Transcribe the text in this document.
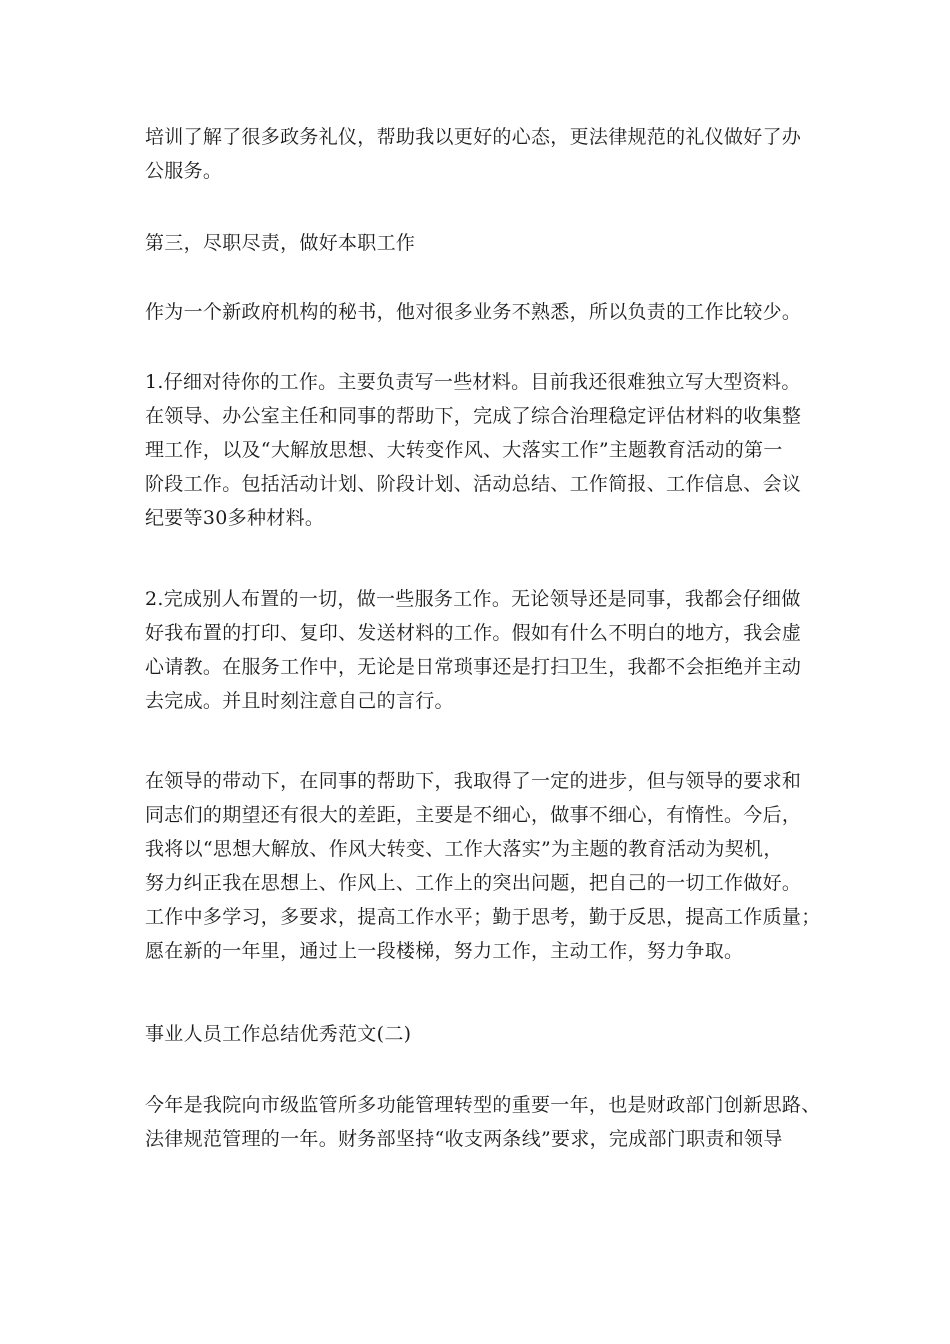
培训了解了很多政务礼仪，帮助我以更好的心态，更法律规范的礼仪做好了办
公服务。
第三，尽职尽责，做好本职工作
作为一个新政府机构的秘书，他对很多业务不熟悉，所以负责的工作比较少。
1.仔细对待你的工作。主要负责写一些材料。目前我还很难独立写大型资料。
在领导、办公室主任和同事的帮助下，完成了综合治理稳定评估材料的收集整
理工作，以及“大解放思想、大转变作风、大落实工作”主题教育活动的第一
阶段工作。包括活动计划、阶段计划、活动总结、工作简报、工作信息、会议
纪要等30多种材料。
2.完成别人布置的一切，做一些服务工作。无论领导还是同事，我都会仔细做
好我布置的打印、复印、发送材料的工作。假如有什么不明白的地方，我会虚
心请教。在服务工作中，无论是日常琐事还是打扫卫生，我都不会拒绝并主动
去完成。并且时刻注意自己的言行。
在领导的带动下，在同事的帮助下，我取得了一定的进步，但与领导的要求和
同志们的期望还有很大的差距，主要是不细心，做事不细心，有惰性。今后，
我将以“思想大解放、作风大转变、工作大落实”为主题的教育活动为契机，
努力纠正我在思想上、作风上、工作上的突出问题，把自己的一切工作做好。
工作中多学习，多要求，提高工作水平；勤于思考，勤于反思，提高工作质量；
愿在新的一年里，通过上一段楼梯，努力工作，主动工作，努力争取。
事业人员工作总结优秀范文(二)
今年是我院向市级监管所多功能管理转型的重要一年，也是财政部门创新思路、
法律规范管理的一年。财务部坚持“收支两条线”要求，完成部门职责和领导
